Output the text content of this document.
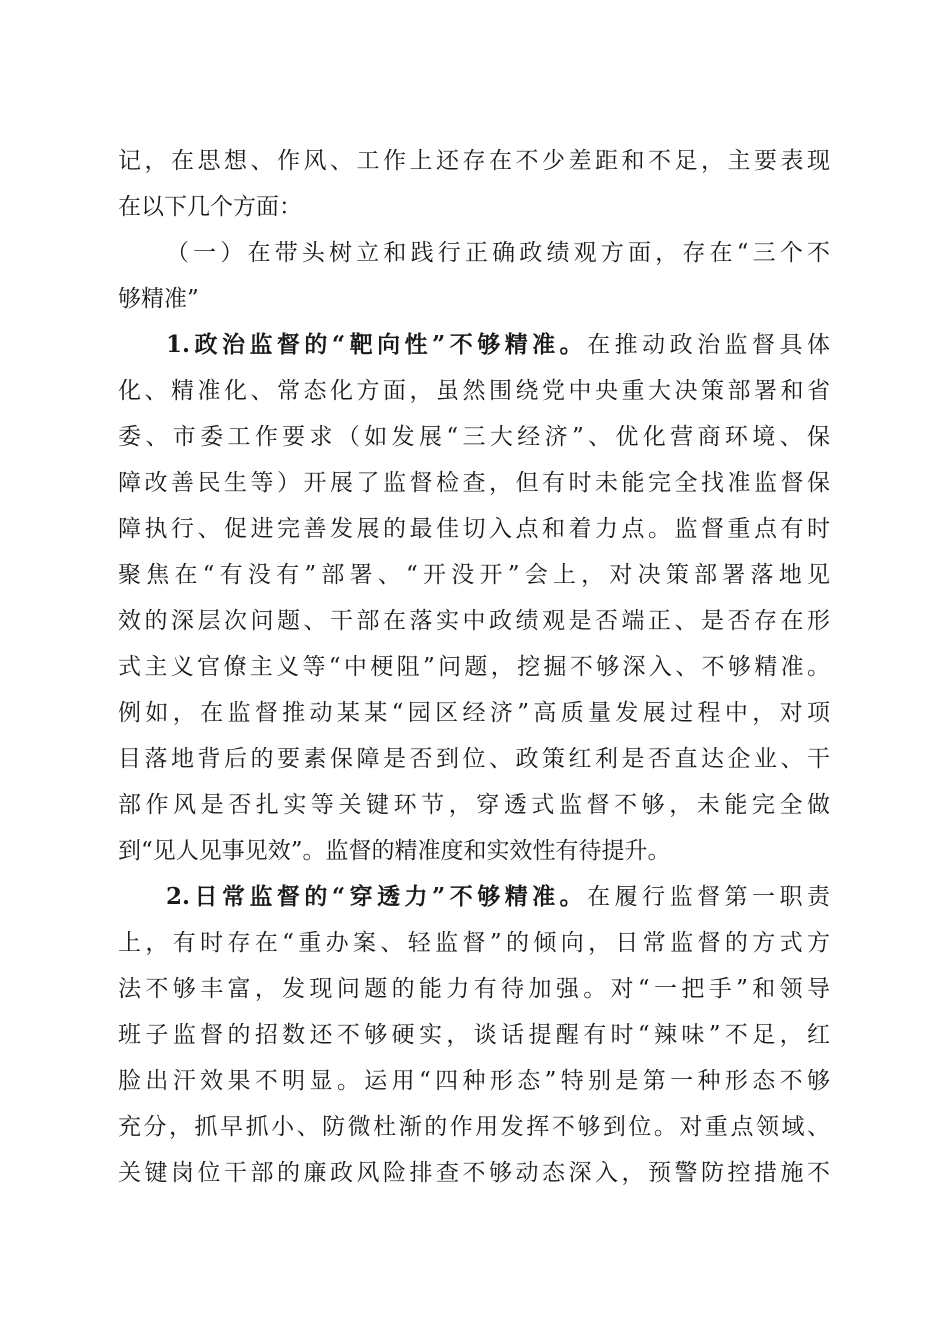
记，在思想、作风、工作上还存在不少差距和不足，主要表现
在以下几个方面：
（一）在带头树立和践行正确政绩观方面，存在“三个不
够精准”
1.政治监督的“靶向性”不够精准。在推动政治监督具体
化、精准化、常态化方面，虽然围绕党中央重大决策部署和省
委、市委工作要求（如发展“三大经济”、优化营商环境、保
障改善民生等）开展了监督检查，但有时未能完全找准监督保
障执行、促进完善发展的最佳切入点和着力点。监督重点有时
聚焦在“有没有”部署、“开没开”会上，对决策部署落地见
效的深层次问题、干部在落实中政绩观是否端正、是否存在形
式主义官僚主义等“中梗阻”问题，挖掘不够深入、不够精准。
例如，在监督推动某某“园区经济”高质量发展过程中，对项
目落地背后的要素保障是否到位、政策红利是否直达企业、干
部作风是否扎实等关键环节，穿透式监督不够，未能完全做
到“见人见事见效”。监督的精准度和实效性有待提升。
2.日常监督的“穿透力”不够精准。在履行监督第一职责
上，有时存在“重办案、轻监督”的倾向，日常监督的方式方
法不够丰富，发现问题的能力有待加强。对“一把手”和领导
班子监督的招数还不够硬实，谈话提醒有时“辣味”不足，红
脸出汗效果不明显。运用“四种形态”特别是第一种形态不够
充分，抓早抓小、防微杜渐的作用发挥不够到位。对重点领域、
关键岗位干部的廉政风险排查不够动态深入，预警防控措施不
